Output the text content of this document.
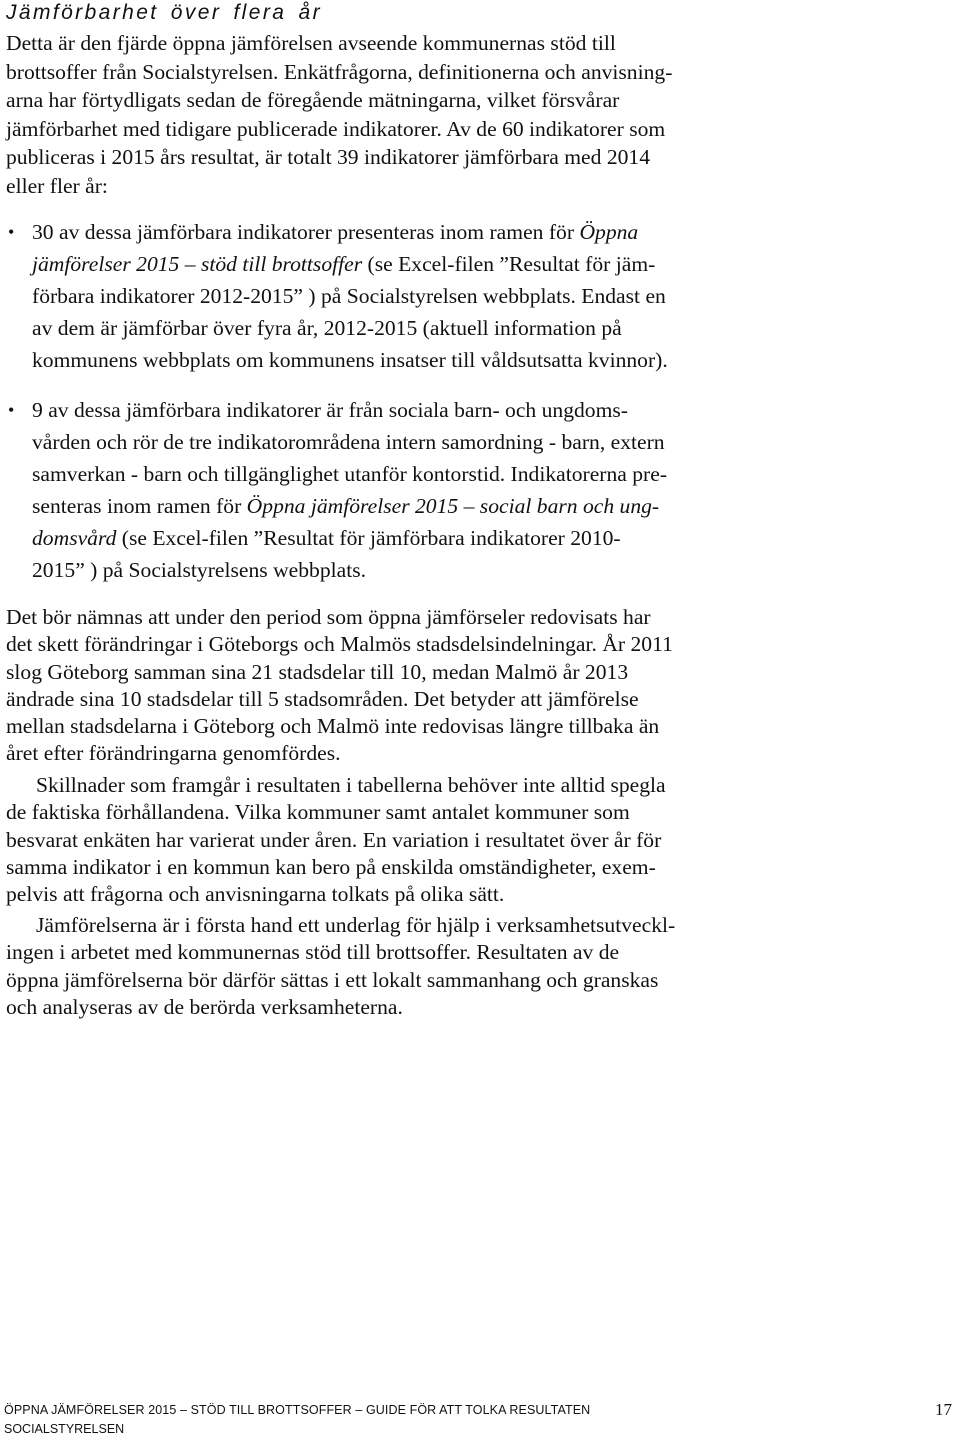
Jämförbarhet över flera år
Detta är den fjärde öppna jämförelsen avseende kommunernas stöd till
brottsoffer från Socialstyrelsen. Enkätfrågorna, definitionerna och anvisning-
arna har förtydligats sedan de föregående mätningarna, vilket försvårar
jämförbarhet med tidigare publicerade indikatorer. Av de 60 indikatorer som
publiceras i 2015 års resultat, är totalt 39 indikatorer jämförbara med 2014
eller fler år:
• 30 av dessa jämförbara indikatorer presenteras inom ramen för Öppna
jämförelser 2015 – stöd till brottsoffer (se Excel-filen ”Resultat för jäm-
förbara indikatorer 2012-2015” ) på Socialstyrelsen webbplats. Endast en
av dem är jämförbar över fyra år, 2012-2015 (aktuell information på
kommunens webbplats om kommunens insatser till våldsutsatta kvinnor).
• 9 av dessa jämförbara indikatorer är från sociala barn- och ungdoms-
vården och rör de tre indikatorområdena intern samordning - barn, extern
samverkan - barn och tillgänglighet utanför kontorstid. Indikatorerna pre-
senteras inom ramen för Öppna jämförelser 2015 – social barn och ung-
domsvård (se Excel-filen ”Resultat för jämförbara indikatorer 2010-
2015” ) på Socialstyrelsens webbplats.
Det bör nämnas att under den period som öppna jämförseler redovisats har
det skett förändringar i Göteborgs och Malmös stadsdelsindelningar. År 2011
slog Göteborg samman sina 21 stadsdelar till 10, medan Malmö år 2013
ändrade sina 10 stadsdelar till 5 stadsområden. Det betyder att jämförelse
mellan stadsdelarna i Göteborg och Malmö inte redovisas längre tillbaka än
året efter förändringarna genomfördes.
Skillnader som framgår i resultaten i tabellerna behöver inte alltid spegla
de faktiska förhållandena. Vilka kommuner samt antalet kommuner som
besvarat enkäten har varierat under åren. En variation i resultatet över år för
samma indikator i en kommun kan bero på enskilda omständigheter, exem-
pelvis att frågorna och anvisningarna tolkats på olika sätt.
Jämförelserna är i första hand ett underlag för hjälp i verksamhetsutveckl-
ingen i arbetet med kommunernas stöd till brottsoffer. Resultaten av de
öppna jämförelserna bör därför sättas i ett lokalt sammanhang och granskas
och analyseras av de berörda verksamheterna.
ÖPPNA JÄMFÖRELSER 2015 – STÖD TILL BROTTSOFFER – GUIDE FÖR ATT TOLKA RESULTATEN
SOCIALSTYRELSEN
17
